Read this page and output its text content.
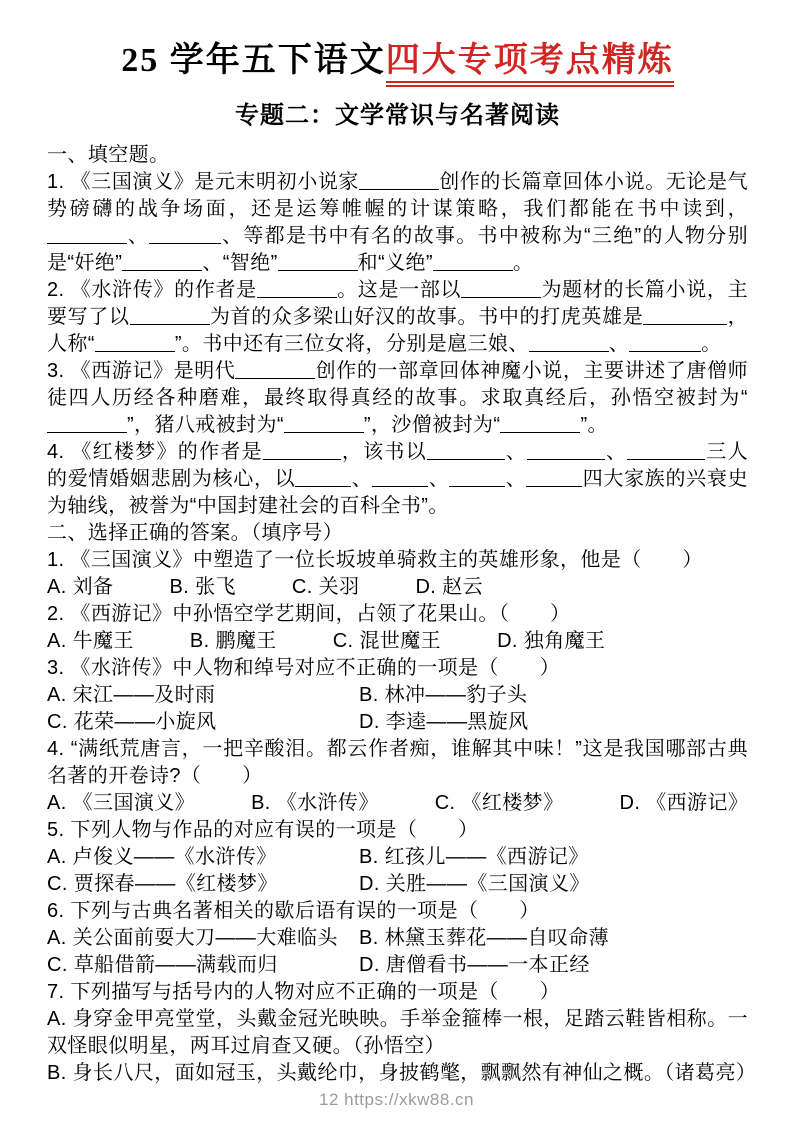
25 学年五下语文四大专项考点精炼
专题二：文学常识与名著阅读

一、填空题。

1. 《三国演义》是元末明初小说家	创作的长篇章回体小说。无论是气势磅礴的战争场面，还是运筹帷幄的计谋策略，我们都能在书中读到，、	、等都是书中有名的故事。书中被称为“三绝”的人物分别是“奸绝”	、“智绝”	和“义绝”	。

2. 《水浒传》的作者是	。这是一部以	为题材的长篇小说，主要写了以	为首的众多梁山好汉的故事。书中的打虎英雄是	，人称“	”。书中还有三位女将，分别是扈三娘、	、	。

3. 《西游记》是明代	创作的一部章回体神魔小说，主要讲述了唐僧师徒四人历经各种磨难，最终取得真经的故事。求取真经后，孙悟空被封为“”，猪八戒被封为“	”，沙僧被封为“	”。

4. 《红楼梦》的作者是	，该书以	、	、	三人的爱情婚姻悲剧为核心，以	、	、	、	四大家族的兴衰史为轴线，被誉为“中国封建社会的百科全书”。

二、选择正确的答案。（填序号）

1. 《三国演义》中塑造了一位长坂坡单骑救主的英雄形象，他是（　　）

A. 刘备	B. 张飞	C. 关羽	D. 赵云

2. 《西游记》中孙悟空学艺期间，占领了花果山。（　　）

A. 牛魔王	B. 鹏魔王	C. 混世魔王	D. 独角魔王

3. 《水浒传》中人物和绰号对应不正确的一项是（　　）

A. 宋江——及时雨	B. 林冲——豹子头
C. 花荣——小旋风	D. 李逵——黑旋风

4. “满纸荒唐言，一把辛酸泪。都云作者痴，谁解其中味！”这是我国哪部古典名著的开卷诗?（　　）

A. 《三国演义》	B. 《水浒传》	C. 《红楼梦》	D. 《西游记》

5. 下列人物与作品的对应有误的一项是（　　）

A. 卢俊义——《水浒传》	B. 红孩儿——《西游记》
C. 贾探春——《红楼梦》	D. 关胜——《三国演义》

6. 下列与古典名著相关的歇后语有误的一项是（　　）

A. 关公面前耍大刀——大难临头	B. 林黛玉葬花——自叹命薄
C. 草船借箭——满载而归	D. 唐僧看书——一本正经

7. 下列描写与括号内的人物对应不正确的一项是（　　）

A. 身穿金甲亮堂堂，头戴金冠光映映。手举金箍棒一根，足踏云鞋皆相称。一双怪眼似明星，两耳过肩查又硬。（孙悟空）

B. 身长八尺，面如冠玉，头戴纶巾，身披鹤氅，飘飘然有神仙之概。（诸葛亮）

12 https://xkw88.cn
